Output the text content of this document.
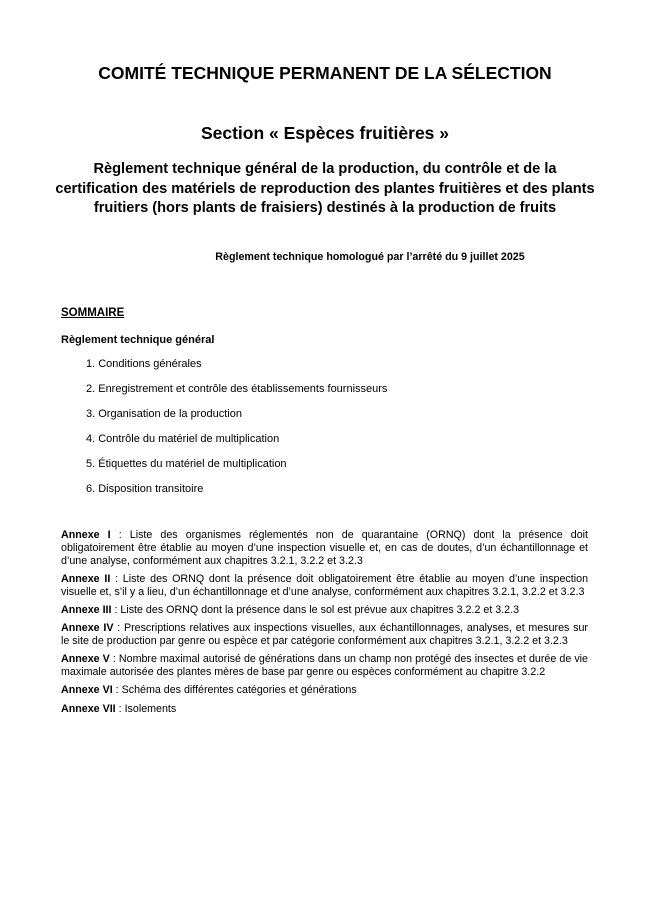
COMITÉ TECHNIQUE PERMANENT DE LA SÉLECTION
Section « Espèces fruitières »
Règlement technique général de la production, du contrôle et de la certification des matériels de reproduction des plantes fruitières et des plants fruitiers (hors plants de fraisiers) destinés à la production de fruits
Règlement technique homologué par l’arrêté du 9 juillet 2025
SOMMAIRE
Règlement technique général
1. Conditions générales
2. Enregistrement et contrôle des établissements fournisseurs
3. Organisation de la production
4. Contrôle du matériel de multiplication
5. Étiquettes du matériel de multiplication
6. Disposition transitoire

Annexe I : Liste des organismes réglementés non de quarantaine (ORNQ) dont la présence doit obligatoirement être établie au moyen d’une inspection visuelle et, en cas de doutes, d’un échantillonnage et d’une analyse, conformément aux chapitres 3.2.1, 3.2.2 et 3.2.3

Annexe II : Liste des ORNQ dont la présence doit obligatoirement être établie au moyen d’une inspection visuelle et, s’il y a lieu, d’un échantillonnage et d’une analyse, conformément aux chapitres 3.2.1, 3.2.2 et 3.2.3

Annexe III : Liste des ORNQ dont la présence dans le sol est prévue aux chapitres 3.2.2 et 3.2.3

Annexe IV : Prescriptions relatives aux inspections visuelles, aux échantillonnages, analyses, et mesures sur le site de production par genre ou espèce et par catégorie conformément aux chapitres 3.2.1, 3.2.2 et 3.2.3

Annexe V : Nombre maximal autorisé de générations dans un champ non protégé des insectes et durée de vie maximale autorisée des plantes mères de base par genre ou espèces conformément au chapitre 3.2.2

Annexe VI : Schéma des différentes catégories et générations

Annexe VII : Isolements
